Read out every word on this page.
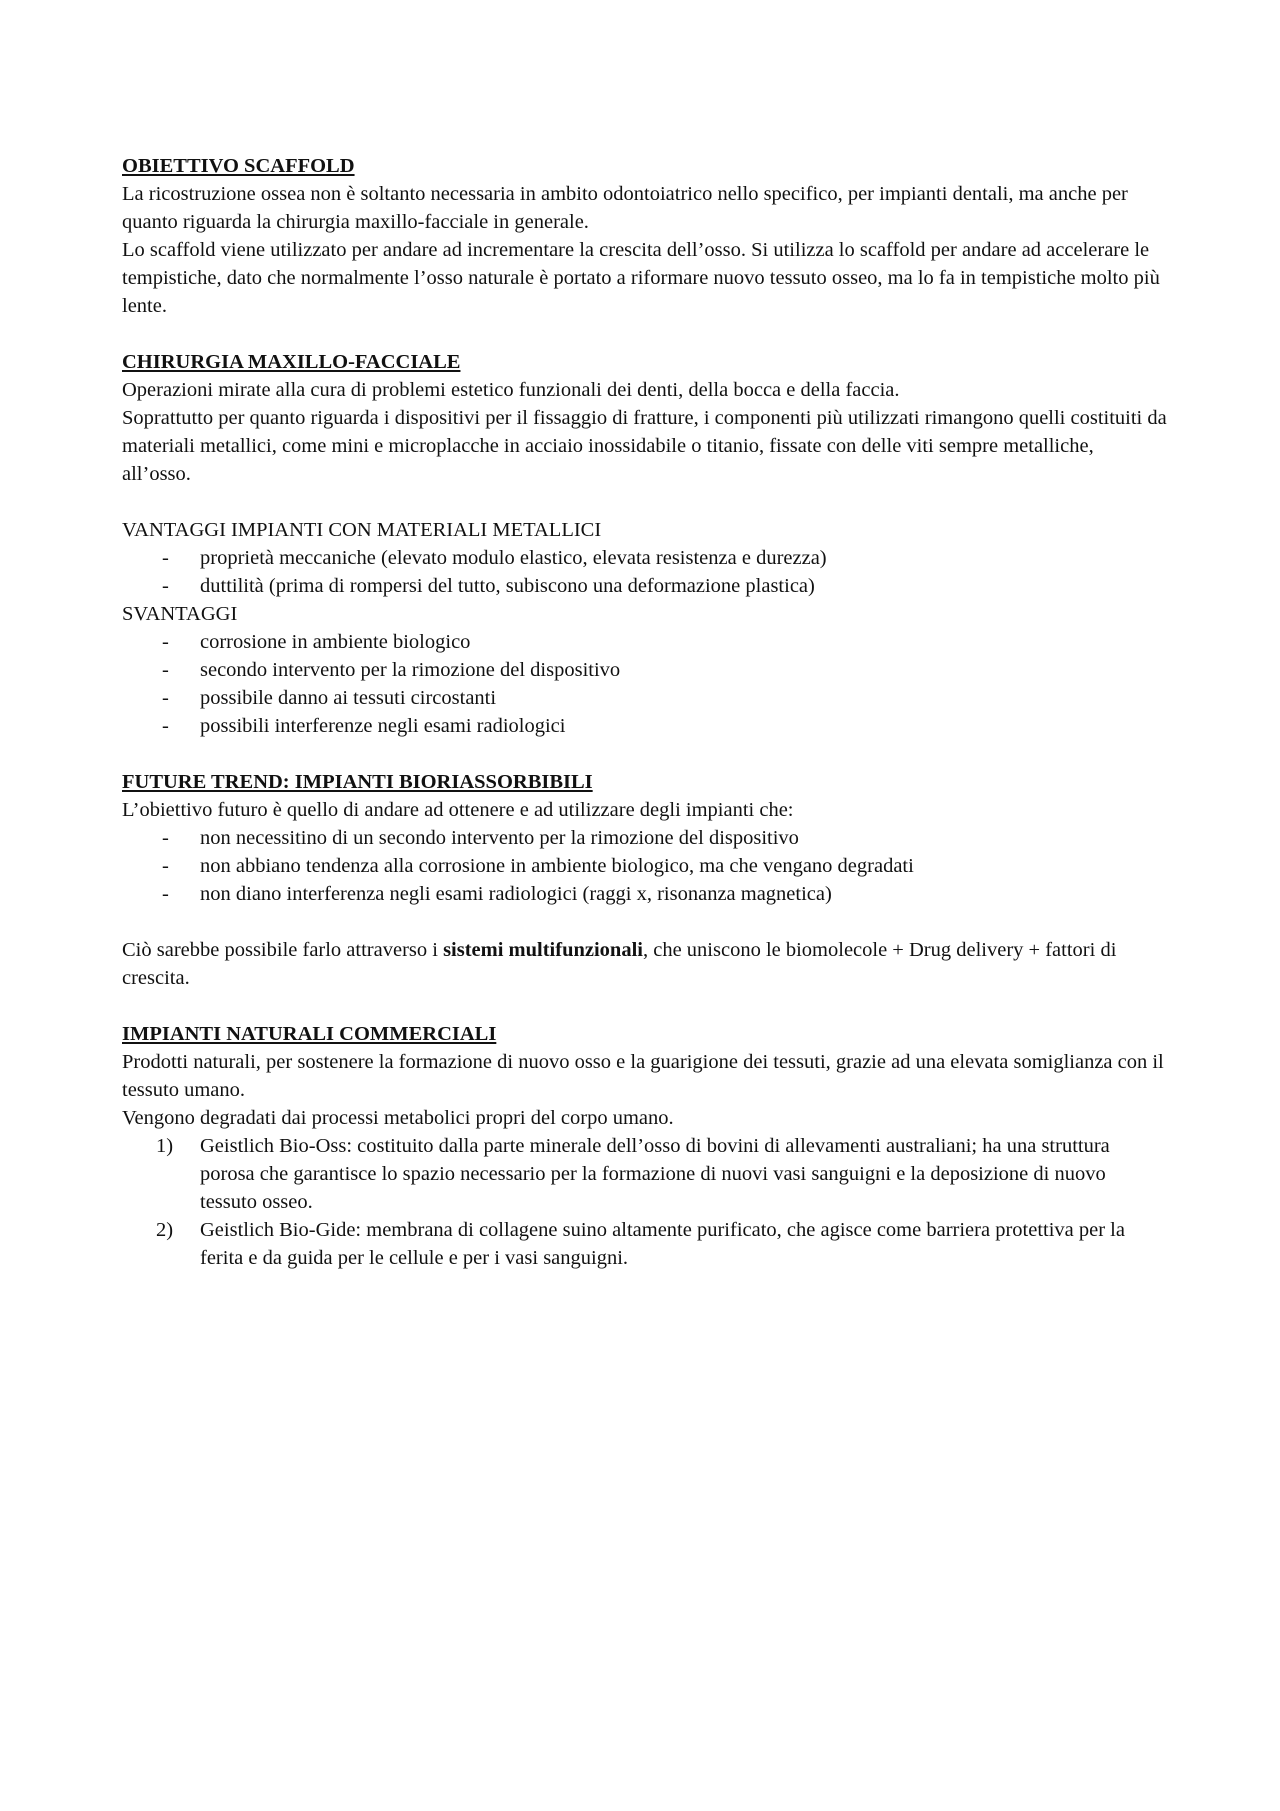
OBIETTIVO SCAFFOLD
La ricostruzione ossea non è soltanto necessaria in ambito odontoiatrico nello specifico, per impianti dentali, ma anche per quanto riguarda la chirurgia maxillo-facciale in generale.
Lo scaffold viene utilizzato per andare ad incrementare la crescita dell’osso. Si utilizza lo scaffold per andare ad accelerare le tempistiche, dato che normalmente l’osso naturale è portato a riformare nuovo tessuto osseo, ma lo fa in tempistiche molto più lente.
CHIRURGIA MAXILLO-FACCIALE
Operazioni mirate alla cura di problemi estetico funzionali dei denti, della bocca e della faccia.
Soprattutto per quanto riguarda i dispositivi per il fissaggio di fratture, i componenti più utilizzati rimangono quelli costituiti da materiali metallici, come mini e microplacche in acciaio inossidabile o titanio, fissate con delle viti sempre metalliche, all’osso.
VANTAGGI IMPIANTI CON MATERIALI METALLICI
- proprietà meccaniche (elevato modulo elastico, elevata resistenza e durezza)
- duttilità (prima di rompersi del tutto, subiscono una deformazione plastica)
SVANTAGGI
- corrosione in ambiente biologico
- secondo intervento per la rimozione del dispositivo
- possibile danno ai tessuti circostanti
- possibili interferenze negli esami radiologici
FUTURE TREND: IMPIANTI BIORIASSORBIBILI
L’obiettivo futuro è quello di andare ad ottenere e ad utilizzare degli impianti che:
- non necessitino di un secondo intervento per la rimozione del dispositivo
- non abbiano tendenza alla corrosione in ambiente biologico, ma che vengano degradati
- non diano interferenza negli esami radiologici (raggi x, risonanza magnetica)
Ciò sarebbe possibile farlo attraverso i sistemi multifunzionali, che uniscono le biomolecole + Drug delivery + fattori di crescita.
IMPIANTI NATURALI COMMERCIALI
Prodotti naturali, per sostenere la formazione di nuovo osso e la guarigione dei tessuti, grazie ad una elevata somiglianza con il tessuto umano.
Vengono degradati dai processi metabolici propri del corpo umano.
1) Geistlich Bio-Oss: costituito dalla parte minerale dell’osso di bovini di allevamenti australiani; ha una struttura porosa che garantisce lo spazio necessario per la formazione di nuovi vasi sanguigni e la deposizione di nuovo tessuto osseo.
2) Geistlich Bio-Gide: membrana di collagene suino altamente purificato, che agisce come barriera protettiva per la ferita e da guida per le cellule e per i vasi sanguigni.
